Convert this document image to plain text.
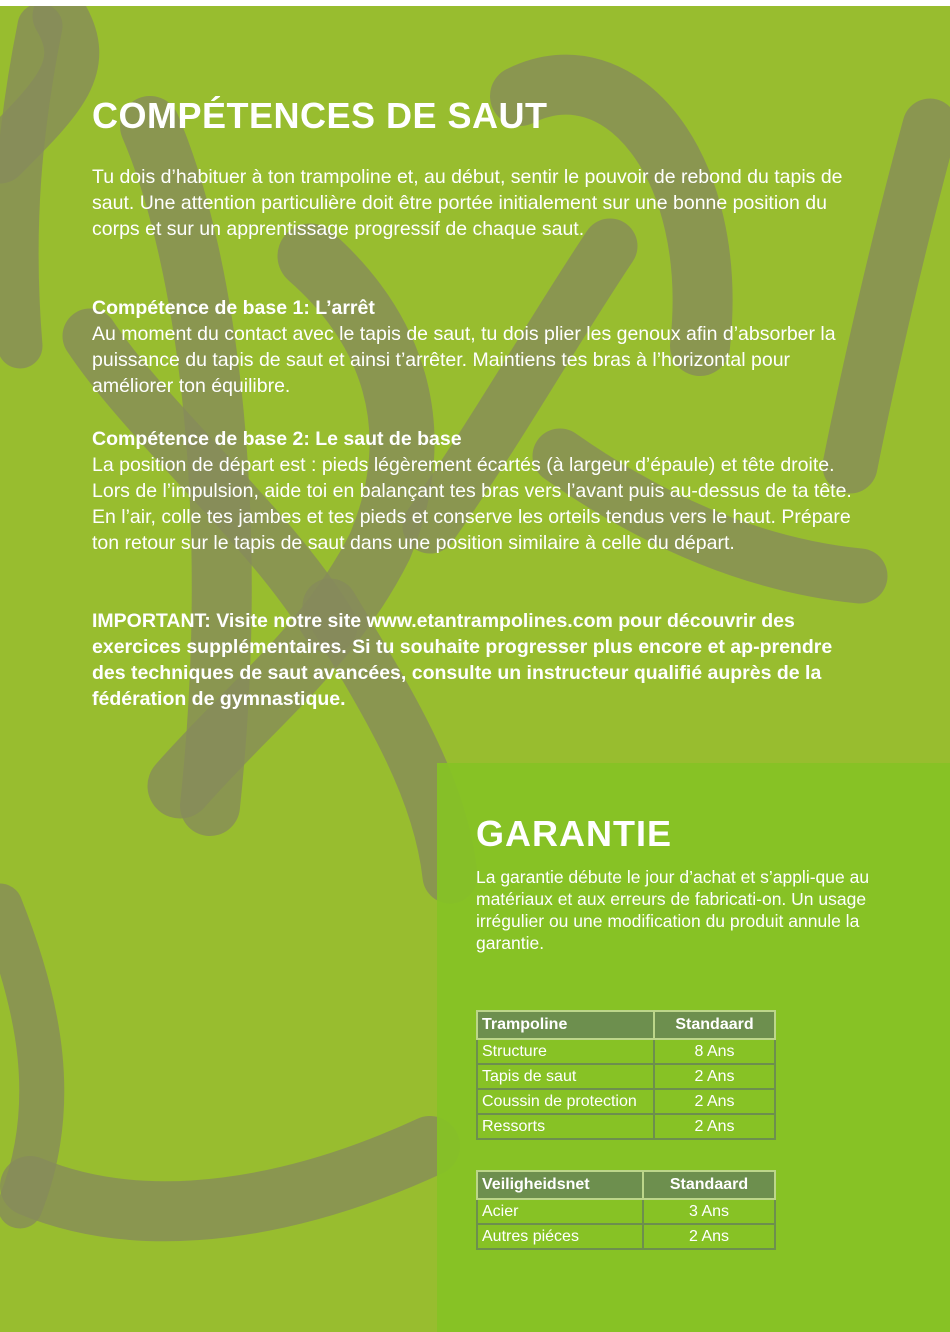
COMPÉTENCES DE SAUT

Tu dois d’habituer à ton trampoline et, au début, sentir le pouvoir de rebond du tapis de saut. Une attention particulière doit être portée initialement sur une bonne position du corps et sur un apprentissage progressif de chaque saut.

Compétence de base 1: L’arrêt
Au moment du contact avec le tapis de saut, tu dois plier les genoux afin d’absorber la puissance du tapis de saut et ainsi t’arrêter. Maintiens tes bras à l’horizontal pour améliorer ton équilibre.
Compétence de base 2: Le saut de base
La position de départ est : pieds légèrement écartés (à largeur d’épaule) et tête droite. Lors de l’impulsion, aide toi en balançant tes bras vers l’avant puis au-dessus de ta tête. En l’air, colle tes jambes et tes pieds et conserve les orteils tendus vers le haut. Prépare ton retour sur le tapis de saut dans une position similaire à celle du départ.

IMPORTANT: Visite notre site www.etantrampolines.com pour découvrir des exercices supplémentaires. Si tu souhaite progresser plus encore et ap-prendre des techniques de saut avancées, consulte un instructeur qualifié auprès de la fédération de gymnastique.

GARANTIE

La garantie débute le jour d’achat et s’appli-que au matériaux et aux erreurs de fabricati-on. Un usage irrégulier ou une modification du produit annule la garantie.

Trampoline	Standaard
Structure	8 Ans
Tapis de saut	2 Ans
Coussin de protection	2 Ans
Ressorts	2 Ans
Veiligheidsnet	Standaard
Acier	3 Ans
Autres piéces	2 Ans
